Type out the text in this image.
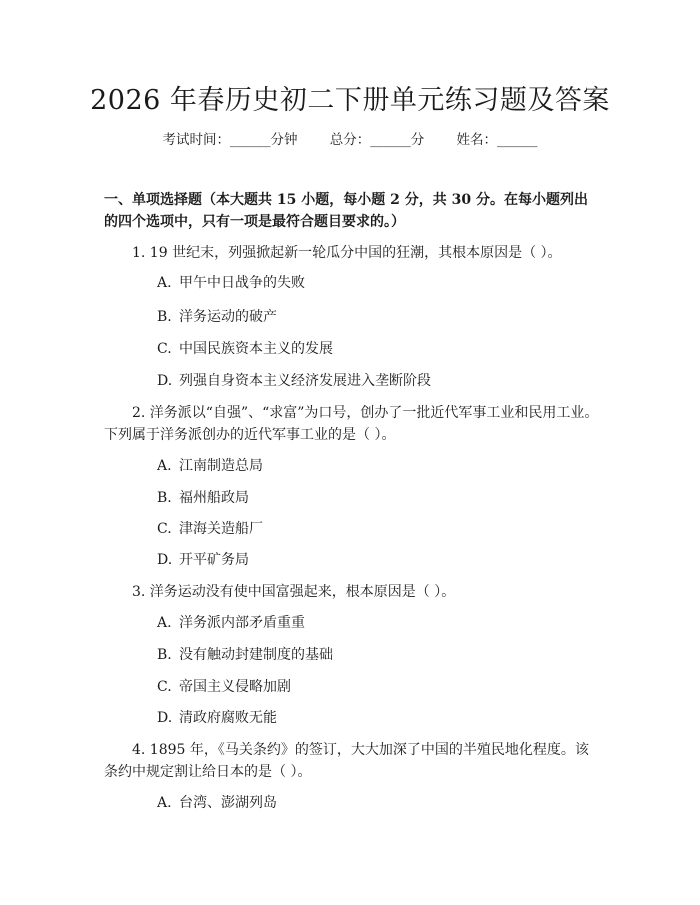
2026 年春历史初二下册单元练习题及答案
考试时间：______分钟 总分：______分 姓名：______
一、单项选择题（本大题共 15 小题，每小题 2 分，共 30 分。在每小题列出的四个选项中，只有一项是最符合题目要求的。）
1. 19 世纪末，列强掀起新一轮瓜分中国的狂潮，其根本原因是（ ）。
A. 甲午中日战争的失败
B. 洋务运动的破产
C. 中国民族资本主义的发展
D. 列强自身资本主义经济发展进入垄断阶段
2. 洋务派以“自强”、“求富”为口号，创办了一批近代军事工业和民用工业。下列属于洋务派创办的近代军事工业的是（ ）。
A. 江南制造总局
B. 福州船政局
C. 津海关造船厂
D. 开平矿务局
3. 洋务运动没有使中国富强起来，根本原因是（ ）。
A. 洋务派内部矛盾重重
B. 没有触动封建制度的基础
C. 帝国主义侵略加剧
D. 清政府腐败无能
4. 1895 年，《马关条约》的签订，大大加深了中国的半殖民地化程度。该条约中规定割让给日本的是（ ）。
A. 台湾、澎湖列岛
